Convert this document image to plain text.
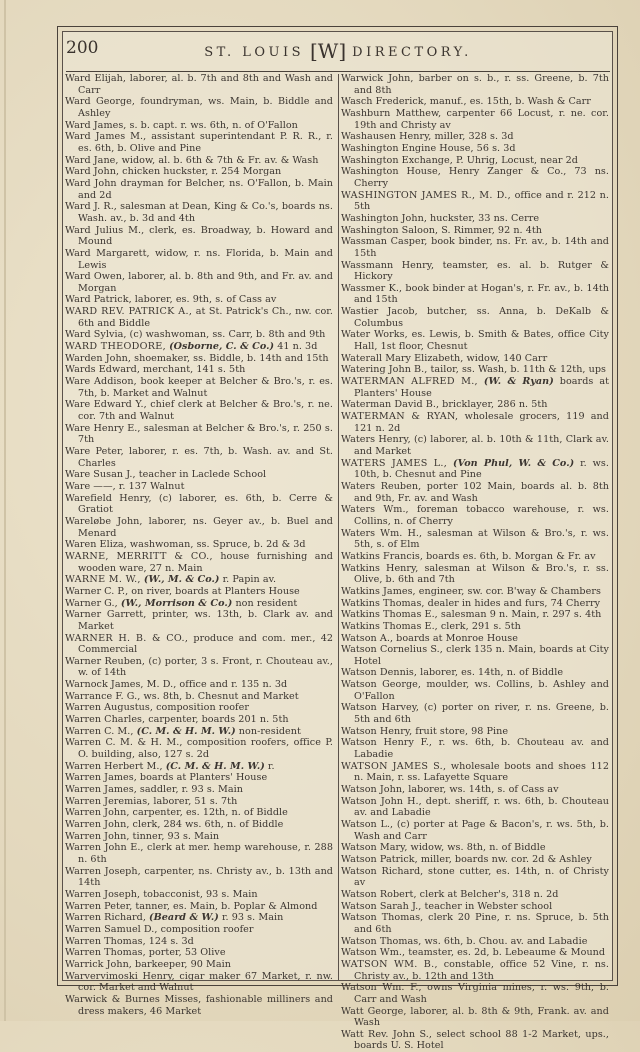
200	ST. LOUIS [W] DIRECTORY.

Ward Elijah, laborer, al. b. 7th and 8th and Wash and Carr

Ward George, foundryman, ws. Main, b. Biddle and Ashley

Ward James, s. b. capt. r. ws. 6th, n. of O'Fallon

Ward James M., assistant superintendant P. R. R., r. es. 6th, b. Olive and Pine

Ward Jane, widow, al. b. 6th & 7th & Fr. av. & Wash

Ward John, chicken huckster, r. 254 Morgan

Ward John drayman for Belcher, ns. O'Fallon, b. Main and 2d

Ward J. R., salesman at Dean, King & Co.'s, boards ns. Wash. av., b. 3d and 4th

Ward Julius M., clerk, es. Broadway, b. Howard and Mound

Ward Margarett, widow, r. ns. Florida, b. Main and Lewis

Ward Owen, laborer, al. b. 8th and 9th, and Fr. av. and Morgan

Ward Patrick, laborer, es. 9th, s. of Cass av

WARD REV. PATRICK A., at St. Patrick's Ch., nw. cor. 6th and Biddle

Ward Sylvia, (c) washwoman, ss. Carr, b. 8th and 9th

WARD THEODORE, (Osborne, C. & Co.) 41 n. 3d

Warden John, shoemaker, ss. Biddle, b. 14th and 15th

Wards Edward, merchant, 141 s. 5th

Ware Addison, book keeper at Belcher & Bro.'s, r. es. 7th, b. Market and Walnut

Ware Edward Y., chief clerk at Belcher & Bro.'s, r. ne. cor. 7th and Walnut

Ware Henry E., salesman at Belcher & Bro.'s, r. 250 s. 7th

Ware Peter, laborer, r. es. 7th, b. Wash. av. and St. Charles

Ware Susan J., teacher in Laclede School

Ware ——, r. 137 Walnut

Warefield Henry, (c) laborer, es. 6th, b. Cerre & Gratiot

Wareløbe John, laborer, ns. Geyer av., b. Buel and Menard

Waren Eliza, washwoman, ss. Spruce, b. 2d & 3d

WARNE, MERRITT & CO., house furnishing and wooden ware, 27 n. Main

WARNE M. W., (W., M. & Co.) r. Papin av.

Warner C. P., on river, boards at Planters House

Warner G., (W., Morrison & Co.) non resident

Warner Garrett, printer, ws. 13th, b. Clark av. and Market

WARNER H. B. & CO., produce and com. mer., 42 Commercial

Warner Reuben, (c) porter, 3 s. Front, r. Chouteau av., w. of 14th

Warnock James, M. D., office and r. 135 n. 3d

Warrance F. G., ws. 8th, b. Chesnut and Market

Warren Augustus, composition roofer

Warren Charles, carpenter, boards 201 n. 5th

Warren C. M., (C. M. & H. M. W.) non-resident

Warren C. M. & H. M., composition roofers, office P. O. building, also, 127 s. 2d

Warren Herbert M., (C. M. & H. M. W.) r.

Warren James, boards at Planters' House

Warren James, saddler, r. 93 s. Main

Warren Jeremias, laborer, 51 s. 7th

Warren John, carpenter, es. 12th, n. of Biddle

Warren John, clerk, 284 ws. 6th, n. of Biddle

Warren John, tinner, 93 s. Main

Warren John E., clerk at mer. hemp warehouse, r. 288 n. 6th

Warren Joseph, carpenter, ns. Christy av., b. 13th and 14th

Warren Joseph, tobacconist, 93 s. Main

Warren Peter, tanner, es. Main, b. Poplar & Almond

Warren Richard, (Beard & W.) r. 93 s. Main

Warren Samuel D., composition roofer

Warren Thomas, 124 s. 3d

Warren Thomas, porter, 53 Olive

Warrick John, barkeeper, 90 Main

Warvervimoski Henry, cigar maker 67 Market, r. nw. cor. Market and Walnut

Warwick & Burnes Misses, fashionable milliners and dress makers, 46 Market

Warwick John, barber on s. b., r. ss. Greene, b. 7th and 8th

Wasch Frederick, manuf., es. 15th, b. Wash & Carr

Washburn Matthew, carpenter 66 Locust, r. ne. cor. 19th and Christy av

Washausen Henry, miller, 328 s. 3d

Washington Engine House, 56 s. 3d

Washington Exchange, P. Uhrig, Locust, near 2d

Washington House, Henry Zanger & Co., 73 ns. Cherry

WASHINGTON JAMES R., M. D., office and r. 212 n. 5th

Washington John, huckster, 33 ns. Cerre

Washington Saloon, S. Rimmer, 92 n. 4th

Wassman Casper, book binder, ns. Fr. av., b. 14th and 15th

Wassmann Henry, teamster, es. al. b. Rutger & Hickory

Wassmer K., book binder at Hogan's, r. Fr. av., b. 14th and 15th

Wastier Jacob, butcher, ss. Anna, b. DeKalb & Columbus

Water Works, es. Lewis, b. Smith & Bates, office City Hall, 1st floor, Chesnut

Waterall Mary Elizabeth, widow, 140 Carr

Watering John B., tailor, ss. Wash, b. 11th & 12th, ups

WATERMAN ALFRED M., (W. & Ryan) boards at Planters' House

Waterman David B., bricklayer, 286 n. 5th

WATERMAN & RYAN, wholesale grocers, 119 and 121 n. 2d

Waters Henry, (c) laborer, al. b. 10th & 11th, Clark av. and Market

WATERS JAMES L., (Von Phul, W. & Co.) r. ws. 10th, b. Chesnut and Pine

Waters Reuben, porter 102 Main, boards al. b. 8th and 9th, Fr. av. and Wash

Waters Wm., foreman tobacco warehouse, r. ws. Collins, n. of Cherry

Waters Wm. H., salesman at Wilson & Bro.'s, r. ws. 5th, s. of Elm

Watkins Francis, boards es. 6th, b. Morgan & Fr. av

Watkins Henry, salesman at Wilson & Bro.'s, r. ss. Olive, b. 6th and 7th

Watkins James, engineer, sw. cor. B'way & Chambers

Watkins Thomas, dealer in hides and furs, 74 Cherry

Watkins Thomas E., salesman 9 n. Main, r. 297 s. 4th

Watkins Thomas E., clerk, 291 s. 5th

Watson A., boards at Monroe House

Watson Cornelius S., clerk 135 n. Main, boards at City Hotel

Watson Dennis, laborer, es. 14th, n. of Biddle

Watson George, moulder, ws. Collins, b. Ashley and O'Fallon

Watson Harvey, (c) porter on river, r. ns. Greene, b. 5th and 6th

Watson Henry, fruit store, 98 Pine

Watson Henry F., r. ws. 6th, b. Chouteau av. and Labadie

WATSON JAMES S., wholesale boots and shoes 112 n. Main, r. ss. Lafayette Square

Watson John, laborer, ws. 14th, s. of Cass av

Watson John H., dept. sheriff, r. ws. 6th, b. Chouteau av. and Labadie

Watson L., (c) porter at Page & Bacon's, r. ws. 5th, b. Wash and Carr

Watson Mary, widow, ws. 8th, n. of Biddle

Watson Patrick, miller, boards nw. cor. 2d & Ashley

Watson Richard, stone cutter, es. 14th, n. of Christy av

Watson Robert, clerk at Belcher's, 318 n. 2d

Watson Sarah J., teacher in Webster school

Watson Thomas, clerk 20 Pine, r. ns. Spruce, b. 5th and 6th

Watson Thomas, ws. 6th, b. Chou. av. and Labadie

Watson Wm., teamster, es. 2d, b. Lebeaume & Mound

WATSON WM. B., constable, office 52 Vine, r. ns. Christy av., b. 12th and 13th

Watson Wm. F., owns Virginia mines, r. ws. 9th, b. Carr and Wash

Watt George, laborer, al. b. 8th & 9th, Frank. av. and Wash

Watt Rev. John S., select school 88 1-2 Market, ups., boards U. S. Hotel
